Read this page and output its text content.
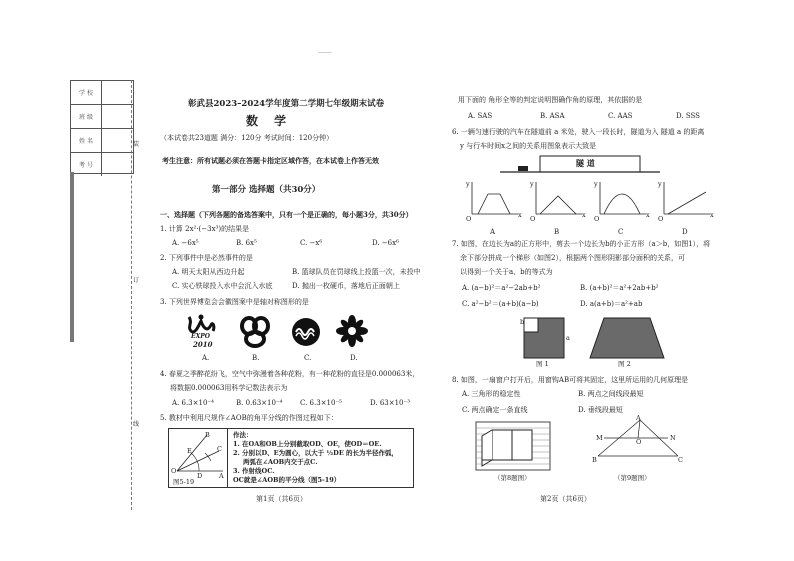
——
学 校
班 级
姓 名
考 号
装
订
线
彰武县2023–2024学年度第二学期七年级期末试卷
数 学
（本试卷共23道题 满分：120分 考试时间：120分钟）
考生注意：所有试题必须在答题卡指定区域作答，在本试卷上作答无效
第一部分 选择题（共30分）
一、选择题（下列各题的备选答案中，只有一个是正确的，每小题3分，共30分）
1. 计算 2x²·(−3x³)的结果是
A. −6x⁵	B. 6x⁵	C. −x⁶	D. −6x⁶
2. 下列事件中是必然事件的是
A. 明天太阳从西边升起	B. 篮球队员在罚球线上投篮一次，未投中
C. 实心铁球投入水中会沉入水底	D. 抛出一枚硬币，落地后正面朝上
3. 下列世界博览会会徽图案中是轴对称图形的是
EXPO
2010
A.	B.	C.	D.
4. 春夏之季醉花纷飞，空气中弥漫着各种花粉，有一种花粉的直径是0.000063米，
将数据0.000063用科学记数法表示为
A. 6.3×10⁻⁴	B. 0.63×10⁻⁴	C. 6.3×10⁻⁵	D. 63×10⁻³
5. 教材中利用尺规作∠AOB的角平分线的作图过程如下：
B
E	C
O
D	A
图5-19
作法：
1. 在OA和OB上分别截取OD、OE，使OD＝OE.
2. 分别以D、E为圆心，以大于 ½DE 的长为半径作弧，
两弧在∠AOB内交于点C.
3. 作射线OC.
OC就是∠AOB的平分线（图5-19）
第1页（共6页）
用下面的 角形全等的判定说明图确作角的原理，其依据的是
A. SAS	B. ASA	C. AAS	D. SSS
6. 一辆匀速行驶的汽车在隧道前 a 米处，驶入一段长时，隧道为入 隧道 a 的距离
y 与行车时间x之间的关系用图象表示大致是
隧 道
y
O	x
y
O	x
y
O	x
y
O	x
A	B	C	D
7. 如图，在边长为a的正方形中，剪去一个边长为b的小正方形（a＞b，如图1），将
余下部分拼成一个梯形（如图2），根据两个图形阴影部分面积的关系，可
以得到一个关于a、b的等式为
A. (a−b)²＝a²−2ab+b²	B. (a+b)²＝a²+2ab+b²
C. a²−b²＝(a+b)(a−b)	D. a(a+b)＝a²+ab
b
a
图 1	图 2
8. 如图，一扇窗户打开后，用窗钩AB可将其固定，这里所运用的几何原理是
A. 三角形的稳定性	B. 两点之间线段最短
C. 两点确定一条直线	D. 垂线段最短
（第8题图）
A
O
M	N
B	C
（第9题图）
第2页（共6页）
